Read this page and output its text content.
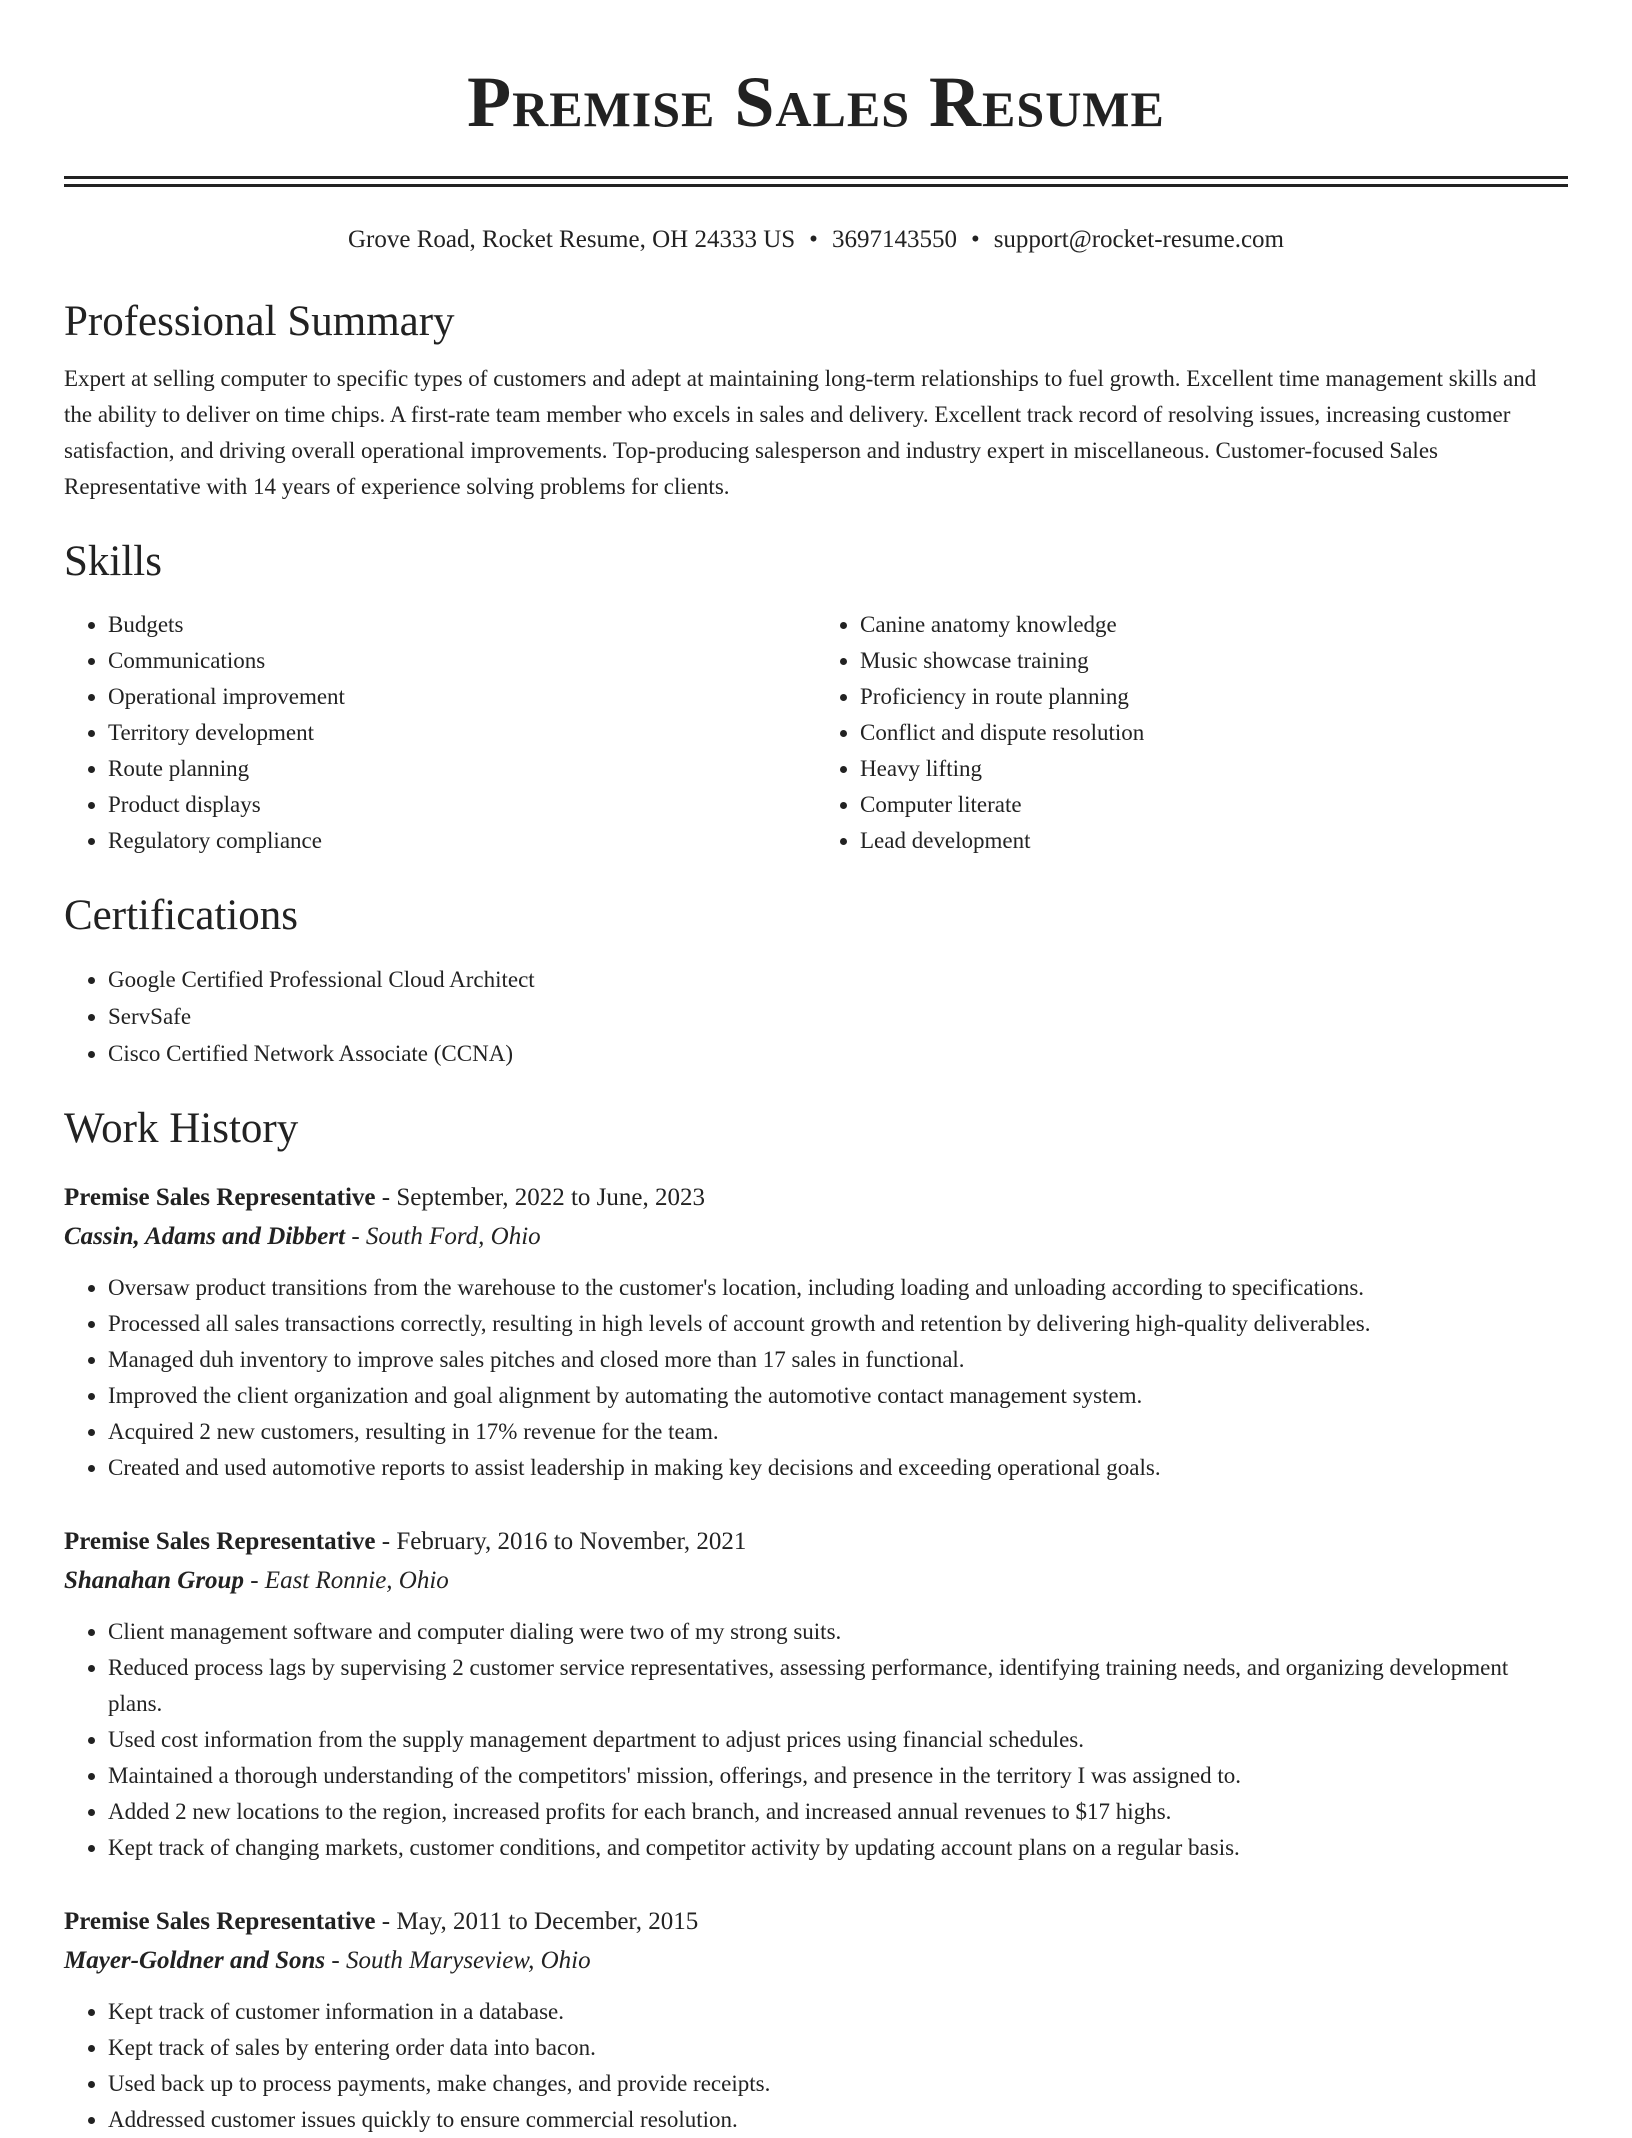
Premise Sales Resume
Grove Road, Rocket Resume, OH 24333 US • 3697143550 • support@rocket-resume.com
Professional Summary

Expert at selling computer to specific types of customers and adept at maintaining long-term relationships to fuel growth. Excellent time management skills and the ability to deliver on time chips. A first-rate team member who excels in sales and delivery. Excellent track record of resolving issues, increasing customer satisfaction, and driving overall operational improvements. Top-producing salesperson and industry expert in miscellaneous. Customer-focused Sales Representative with 14 years of experience solving problems for clients.

Skills
• Budgets
• Communications
• Operational improvement
• Territory development
• Route planning
• Product displays
• Regulatory compliance
• Canine anatomy knowledge
• Music showcase training
• Proficiency in route planning
• Conflict and dispute resolution
• Heavy lifting
• Computer literate
• Lead development
Certifications
• Google Certified Professional Cloud Architect
• ServSafe
• Cisco Certified Network Associate (CCNA)
Work History
Premise Sales Representative - September, 2022 to June, 2023
Cassin, Adams and Dibbert - South Ford, Ohio
• Oversaw product transitions from the warehouse to the customer's location, including loading and unloading according to specifications.
• Processed all sales transactions correctly, resulting in high levels of account growth and retention by delivering high-quality deliverables.
• Managed duh inventory to improve sales pitches and closed more than 17 sales in functional.
• Improved the client organization and goal alignment by automating the automotive contact management system.
• Acquired 2 new customers, resulting in 17% revenue for the team.
• Created and used automotive reports to assist leadership in making key decisions and exceeding operational goals.
Premise Sales Representative - February, 2016 to November, 2021
Shanahan Group - East Ronnie, Ohio
• Client management software and computer dialing were two of my strong suits.
• Reduced process lags by supervising 2 customer service representatives, assessing performance, identifying training needs, and organizing development plans.
• Used cost information from the supply management department to adjust prices using financial schedules.
• Maintained a thorough understanding of the competitors' mission, offerings, and presence in the territory I was assigned to.
• Added 2 new locations to the region, increased profits for each branch, and increased annual revenues to $17 highs.
• Kept track of changing markets, customer conditions, and competitor activity by updating account plans on a regular basis.
Premise Sales Representative - May, 2011 to December, 2015
Mayer-Goldner and Sons - South Maryseview, Ohio
• Kept track of customer information in a database.
• Kept track of sales by entering order data into bacon.
• Used back up to process payments, make changes, and provide receipts.
• Addressed customer issues quickly to ensure commercial resolution.
